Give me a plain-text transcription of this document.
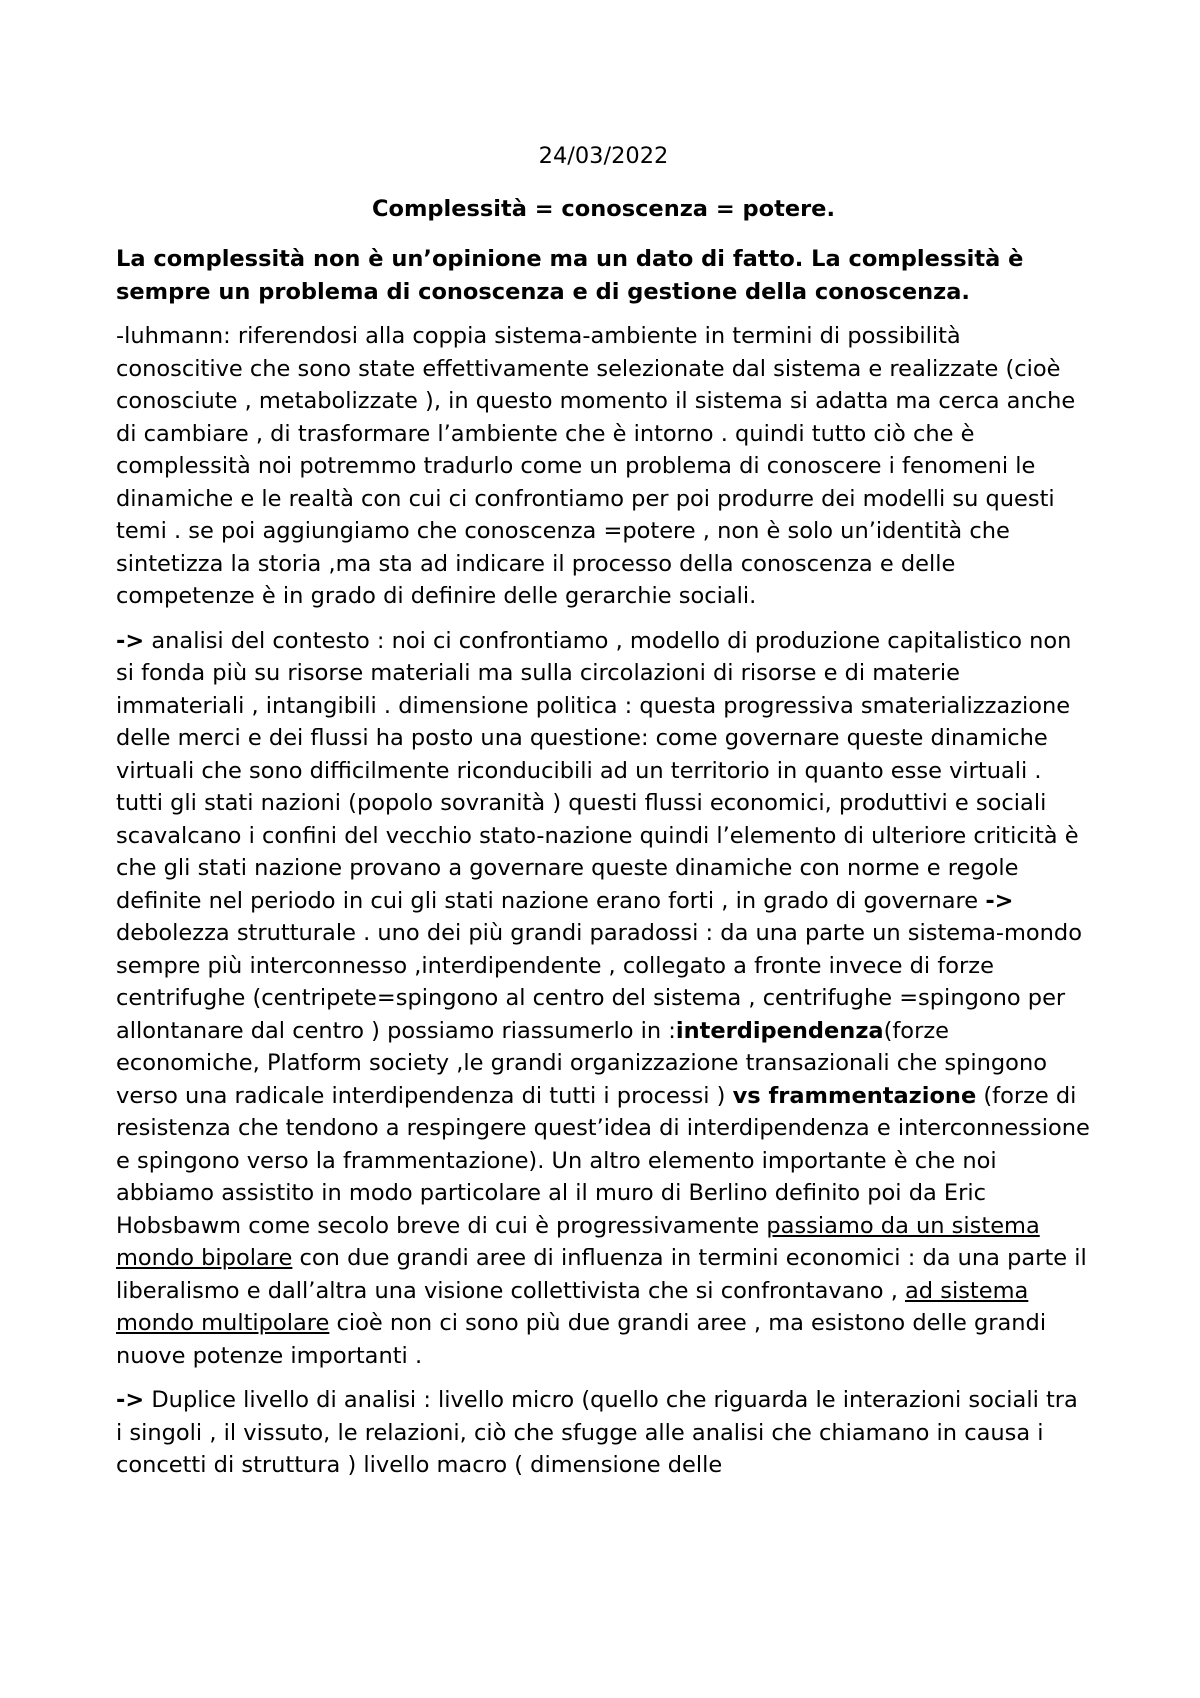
24/03/2022
Complessità = conoscenza = potere.
La complessità non è un’opinione ma un dato di fatto. La complessità è sempre un problema di conoscenza e di gestione della conoscenza.
-luhmann: riferendosi alla coppia sistema-ambiente in termini di possibilità conoscitive che sono state effettivamente selezionate dal sistema e realizzate (cioè conosciute , metabolizzate ), in questo momento il sistema si adatta ma cerca anche di cambiare , di trasformare l’ambiente che è intorno . quindi tutto ciò che è complessità noi potremmo tradurlo come un problema di conoscere i fenomeni le dinamiche e le realtà con cui ci confrontiamo per poi produrre dei modelli su questi temi . se poi aggiungiamo che conoscenza =potere , non è solo un’identità che sintetizza la storia ,ma sta ad indicare il processo della conoscenza e delle competenze è in grado di definire delle gerarchie sociali.
-> analisi del contesto : noi ci confrontiamo , modello di produzione capitalistico non si fonda più su risorse materiali ma sulla circolazioni di risorse e di materie immateriali , intangibili . dimensione politica : questa progressiva smaterializzazione delle merci e dei flussi ha posto una questione: come governare queste dinamiche virtuali che sono difficilmente riconducibili ad un territorio in quanto esse virtuali . tutti gli stati nazioni (popolo sovranità ) questi flussi economici, produttivi e sociali scavalcano i confini del vecchio stato-nazione quindi l’elemento di ulteriore criticità è che gli stati nazione provano a governare queste dinamiche con norme e regole definite nel periodo in cui gli stati nazione erano forti , in grado di governare -> debolezza strutturale . uno dei più grandi paradossi : da una parte un sistema-mondo sempre più interconnesso ,interdipendente , collegato a fronte invece di forze centrifughe (centripete=spingono al centro del sistema , centrifughe =spingono per allontanare dal centro ) possiamo riassumerlo in :interdipendenza(forze economiche, Platform society ,le grandi organizzazione transazionali che spingono verso una radicale interdipendenza di tutti i processi ) vs frammentazione (forze di resistenza che tendono a respingere quest’idea di interdipendenza e interconnessione e spingono verso la frammentazione). Un altro elemento importante è che noi abbiamo assistito in modo particolare al il muro di Berlino definito poi da Eric Hobsbawm come secolo breve di cui è progressivamente passiamo da un sistema mondo bipolare con due grandi aree di influenza in termini economici : da una parte il liberalismo e dall’altra una visione collettivista che si confrontavano , ad sistema mondo multipolare cioè non ci sono più due grandi aree , ma esistono delle grandi nuove potenze importanti .
-> Duplice livello di analisi : livello micro (quello che riguarda le interazioni sociali tra i singoli , il vissuto, le relazioni, ciò che sfugge alle analisi che chiamano in causa i concetti di struttura ) livello macro ( dimensione delle
